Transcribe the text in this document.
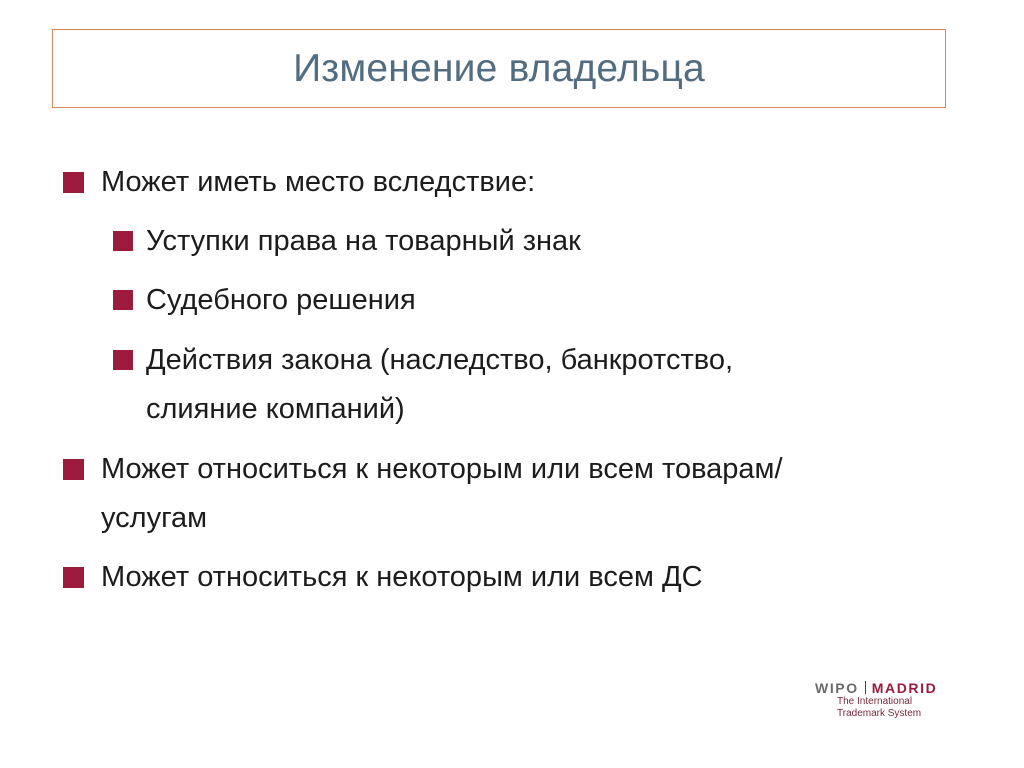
Изменение владельца
Может иметь место вследствие:
Уступки права на товарный знак
Судебного решения
Действия закона (наследство, банкротство,
слияние компаний)
Может относиться к некоторым или всем товарам/
услугам
Может относиться к некоторым или всем ДС
WIPO MADRID
The International
Trademark System
